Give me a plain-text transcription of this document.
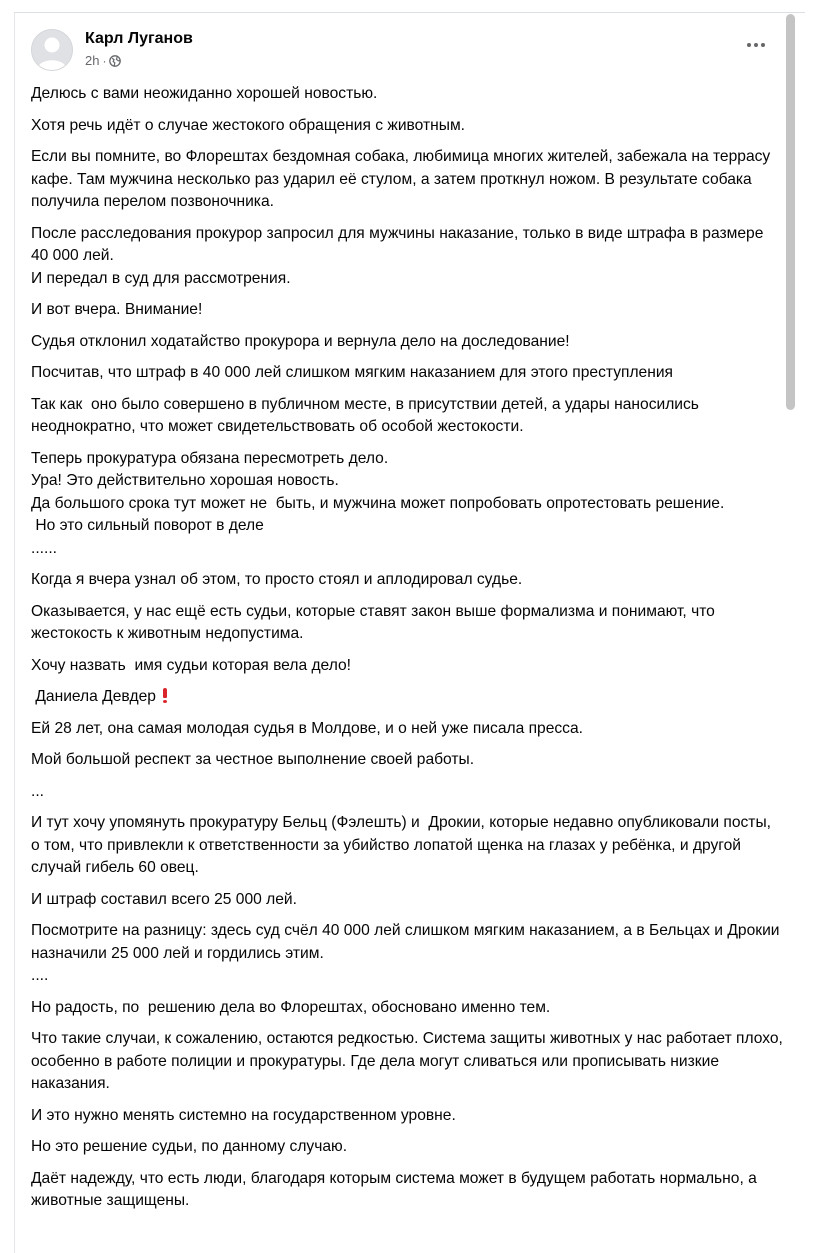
Карл Луганов
2h ·

Делюсь с вами неожиданно хорошей новостью.

Хотя речь идёт о случае жестокого обращения с животным.

Если вы помните, во Флорештах бездомная собака, любимица многих жителей, забежала на террасу кафе. Там мужчина несколько раз ударил её стулом, а затем проткнул ножом. В результате собака получила перелом позвоночника.

После расследования прокурор запросил для мужчины наказание, только в виде штрафа в размере 40 000 лей.
И передал в суд для рассмотрения.

И вот вчера. Внимание!

Судья отклонил ходатайство прокурора и вернула дело на доследование!

Посчитав, что штраф в 40 000 лей слишком мягким наказанием для этого преступления

Так как  оно было совершено в публичном месте, в присутствии детей, а удары наносились неоднократно, что может свидетельствовать об особой жестокости.

Теперь прокуратура обязана пересмотреть дело.
Ура! Это действительно хорошая новость.
Да большого срока тут может не  быть, и мужчина может попробовать опротестовать решение.
Но это сильный поворот в деле
......

Когда я вчера узнал об этом, то просто стоял и аплодировал судье.

Оказывается, у нас ещё есть судьи, которые ставят закон выше формализма и понимают, что жестокость к животным недопустима.

Хочу назвать  имя судьи которая вела дело!

Даниела Девдер

Ей 28 лет, она самая молодая судья в Молдове, и о ней уже писала пресса.

Мой большой респект за честное выполнение своей работы.

...

И тут хочу упомянуть прокуратуру Бельц (Фэлешть) и  Дрокии, которые недавно опубликовали посты, о том, что привлекли к ответственности за убийство лопатой щенка на глазах у ребёнка, и другой случай гибель 60 овец.

И штраф составил всего 25 000 лей.

Посмотрите на разницу: здесь суд счёл 40 000 лей слишком мягким наказанием, а в Бельцах и Дрокии назначили 25 000 лей и гордились этим.
....

Но радость, по  решению дела во Флорештах, обосновано именно тем.

Что такие случаи, к сожалению, остаются редкостью. Система защиты животных у нас работает плохо, особенно в работе полиции и прокуратуры. Где дела могут сливаться или прописывать низкие наказания.

И это нужно менять системно на государственном уровне.

Но это решение судьи, по данному случаю.

Даёт надежду, что есть люди, благодаря которым система может в будущем работать нормально, а животные защищены.
